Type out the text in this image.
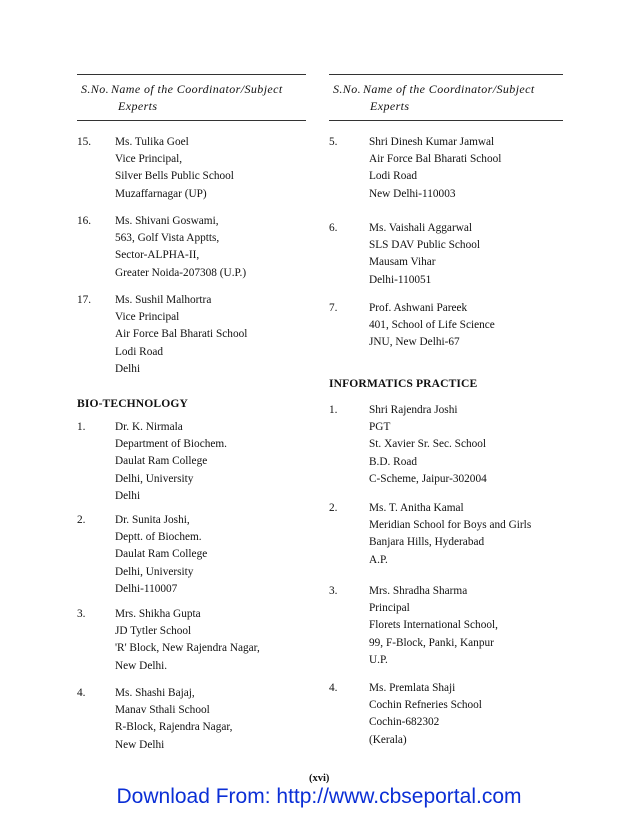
S.No. Name of the Coordinator/Subject
Experts
15. Ms. Tulika Goel
Vice Principal,
Silver Bells Public School
Muzaffarnagar (UP)
16. Ms. Shivani Goswami,
563, Golf Vista Apptts,
Sector-ALPHA-II,
Greater Noida-207308 (U.P.)
17. Ms. Sushil Malhortra
Vice Principal
Air Force Bal Bharati School
Lodi Road
Delhi
BIO-TECHNOLOGY
1.	Dr. K. Nirmala
Department of Biochem.
Daulat Ram College
Delhi, University
Delhi
2.	Dr. Sunita Joshi,
Deptt. of Biochem.
Daulat Ram College
Delhi, University
Delhi-110007
3.	Mrs. Shikha Gupta
JD Tytler School
'R' Block, New Rajendra Nagar,
New Delhi.
4.	Ms. Shashi Bajaj,
Manav Sthali School
R-Block, Rajendra Nagar,
New Delhi
S.No. Name of the Coordinator/Subject
Experts
5.	Shri Dinesh Kumar Jamwal
Air Force Bal Bharati School
Lodi Road
New Delhi-110003
6.	Ms. Vaishali Aggarwal
SLS DAV Public School
Mausam Vihar
Delhi-110051
7.	Prof. Ashwani Pareek
401, School of Life Science
JNU, New Delhi-67
INFORMATICS PRACTICE
1.	Shri Rajendra Joshi
PGT
St. Xavier Sr. Sec. School
B.D. Road
C-Scheme, Jaipur-302004
2.	Ms. T. Anitha Kamal
Meridian School for Boys and Girls
Banjara Hills, Hyderabad
A.P.
3.	Mrs. Shradha Sharma
Principal
Florets International School,
99, F-Block, Panki, Kanpur
U.P.
4.	Ms. Premlata Shaji
Cochin Refneries School
Cochin-682302
(Kerala)
(xvi)
Download From: http://www.cbseportal.com
